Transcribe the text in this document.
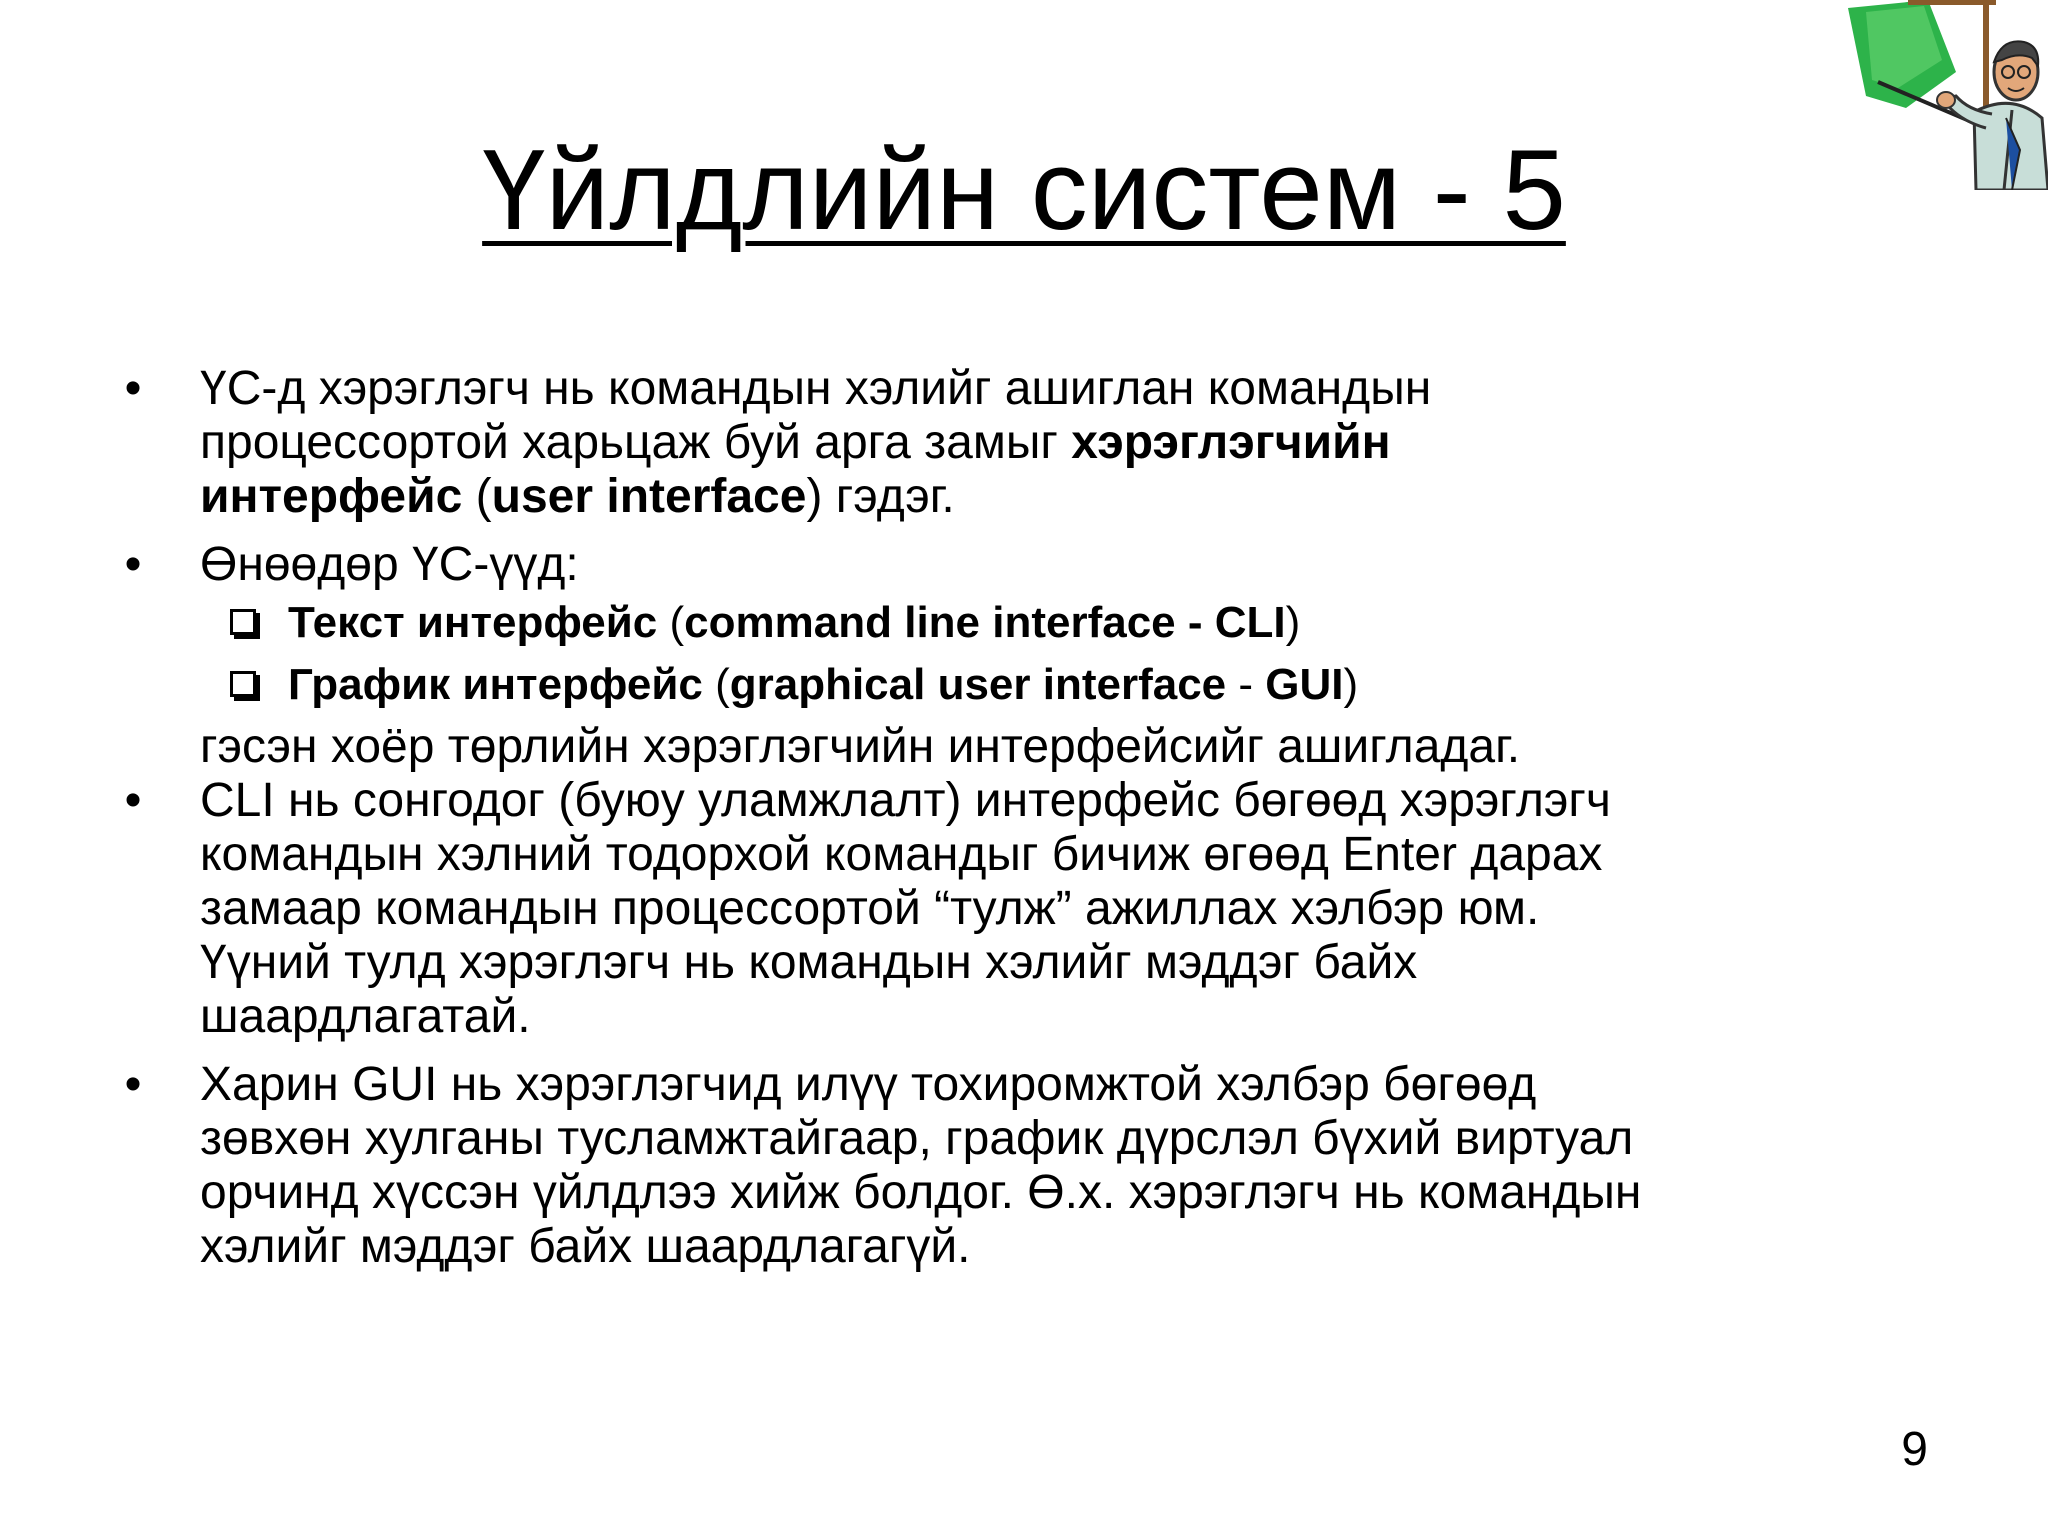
Үйлдлийн систем - 5
• ҮС-д хэрэглэгч нь командын хэлийг ашиглан командын
процессортой харьцаж буй арга замыг хэрэглэгчийн
интерфейс (user interface) гэдэг.
• Өнөөдөр ҮС-үүд:
Текст интерфейс (command line interface - CLI)
График интерфейс (graphical user interface - GUI)
гэсэн хоёр төрлийн хэрэглэгчийн интерфейсийг ашигладаг.
• CLI нь сонгодог (буюу уламжлалт) интерфейс бөгөөд хэрэглэгч
командын хэлний тодорхой командыг бичиж өгөөд Enter дарах
замаар командын процессортой “тулж” ажиллах хэлбэр юм.
Үүний тулд хэрэглэгч нь командын хэлийг мэддэг байх
шаардлагатай.
• Харин GUI нь хэрэглэгчид илүү тохиромжтой хэлбэр бөгөөд
зөвхөн хулганы тусламжтайгаар, график дүрслэл бүхий виртуал
орчинд хүссэн үйлдлээ хийж болдог. Ө.х. хэрэглэгч нь командын
хэлийг мэддэг байх шаардлагагүй.
9
